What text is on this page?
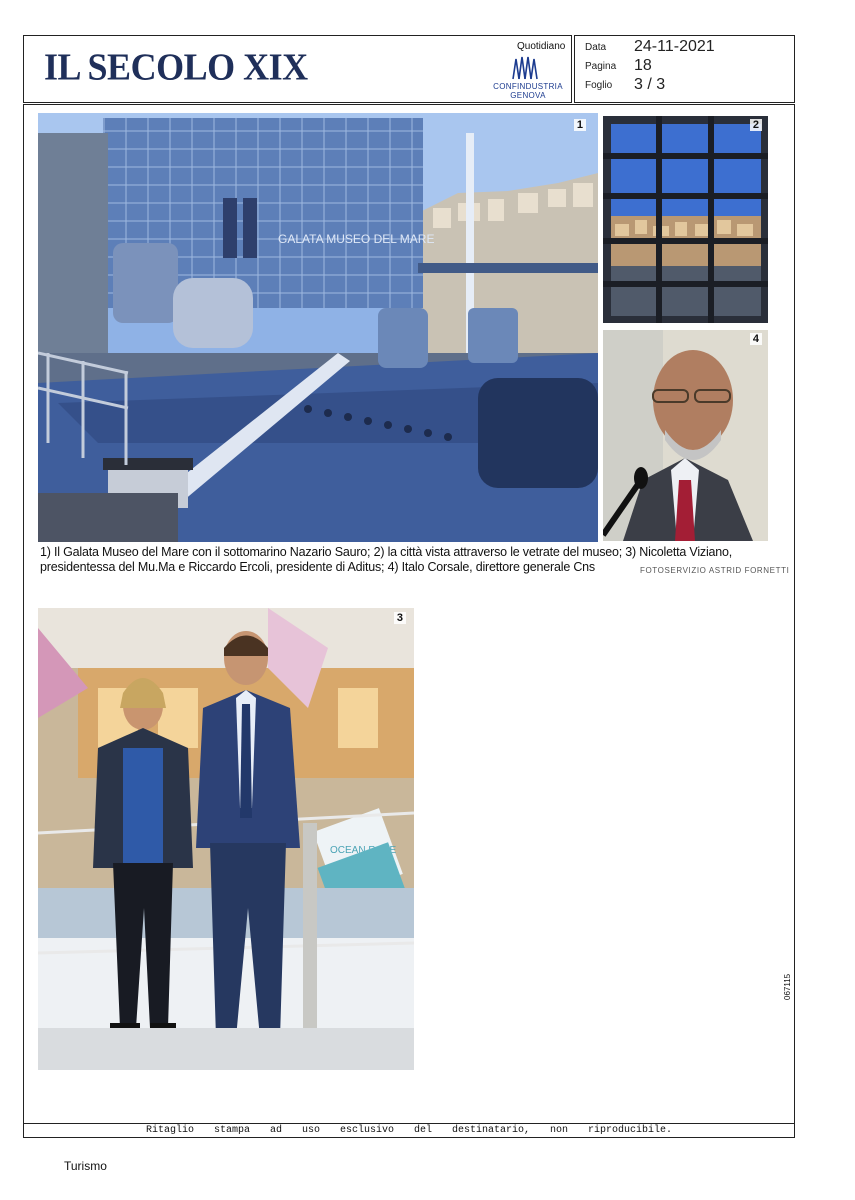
IL SECOLO XIX	Quotidiano
CONFINDUSTRIA
GENOVA
Data 24-11-2021
Pagina 18
Foglio 3 / 3
GALATA MUSEO DEL MARE
1	2
4
1) Il Galata Museo del Mare con il sottomarino Nazario Sauro; 2) la città vista attraverso le vetrate del museo; 3) Nicoletta Viziano, presidentessa del Mu.Ma e Riccardo Ercoli, presidente di Aditus; 4) Italo Corsale, direttore generale Cns	FOTOSERVIZIO ASTRID FORNETTI
OCEAN RACE
3
Ritaglio stampa ad uso esclusivo del destinatario, non riproducibile.
067115
Turismo
